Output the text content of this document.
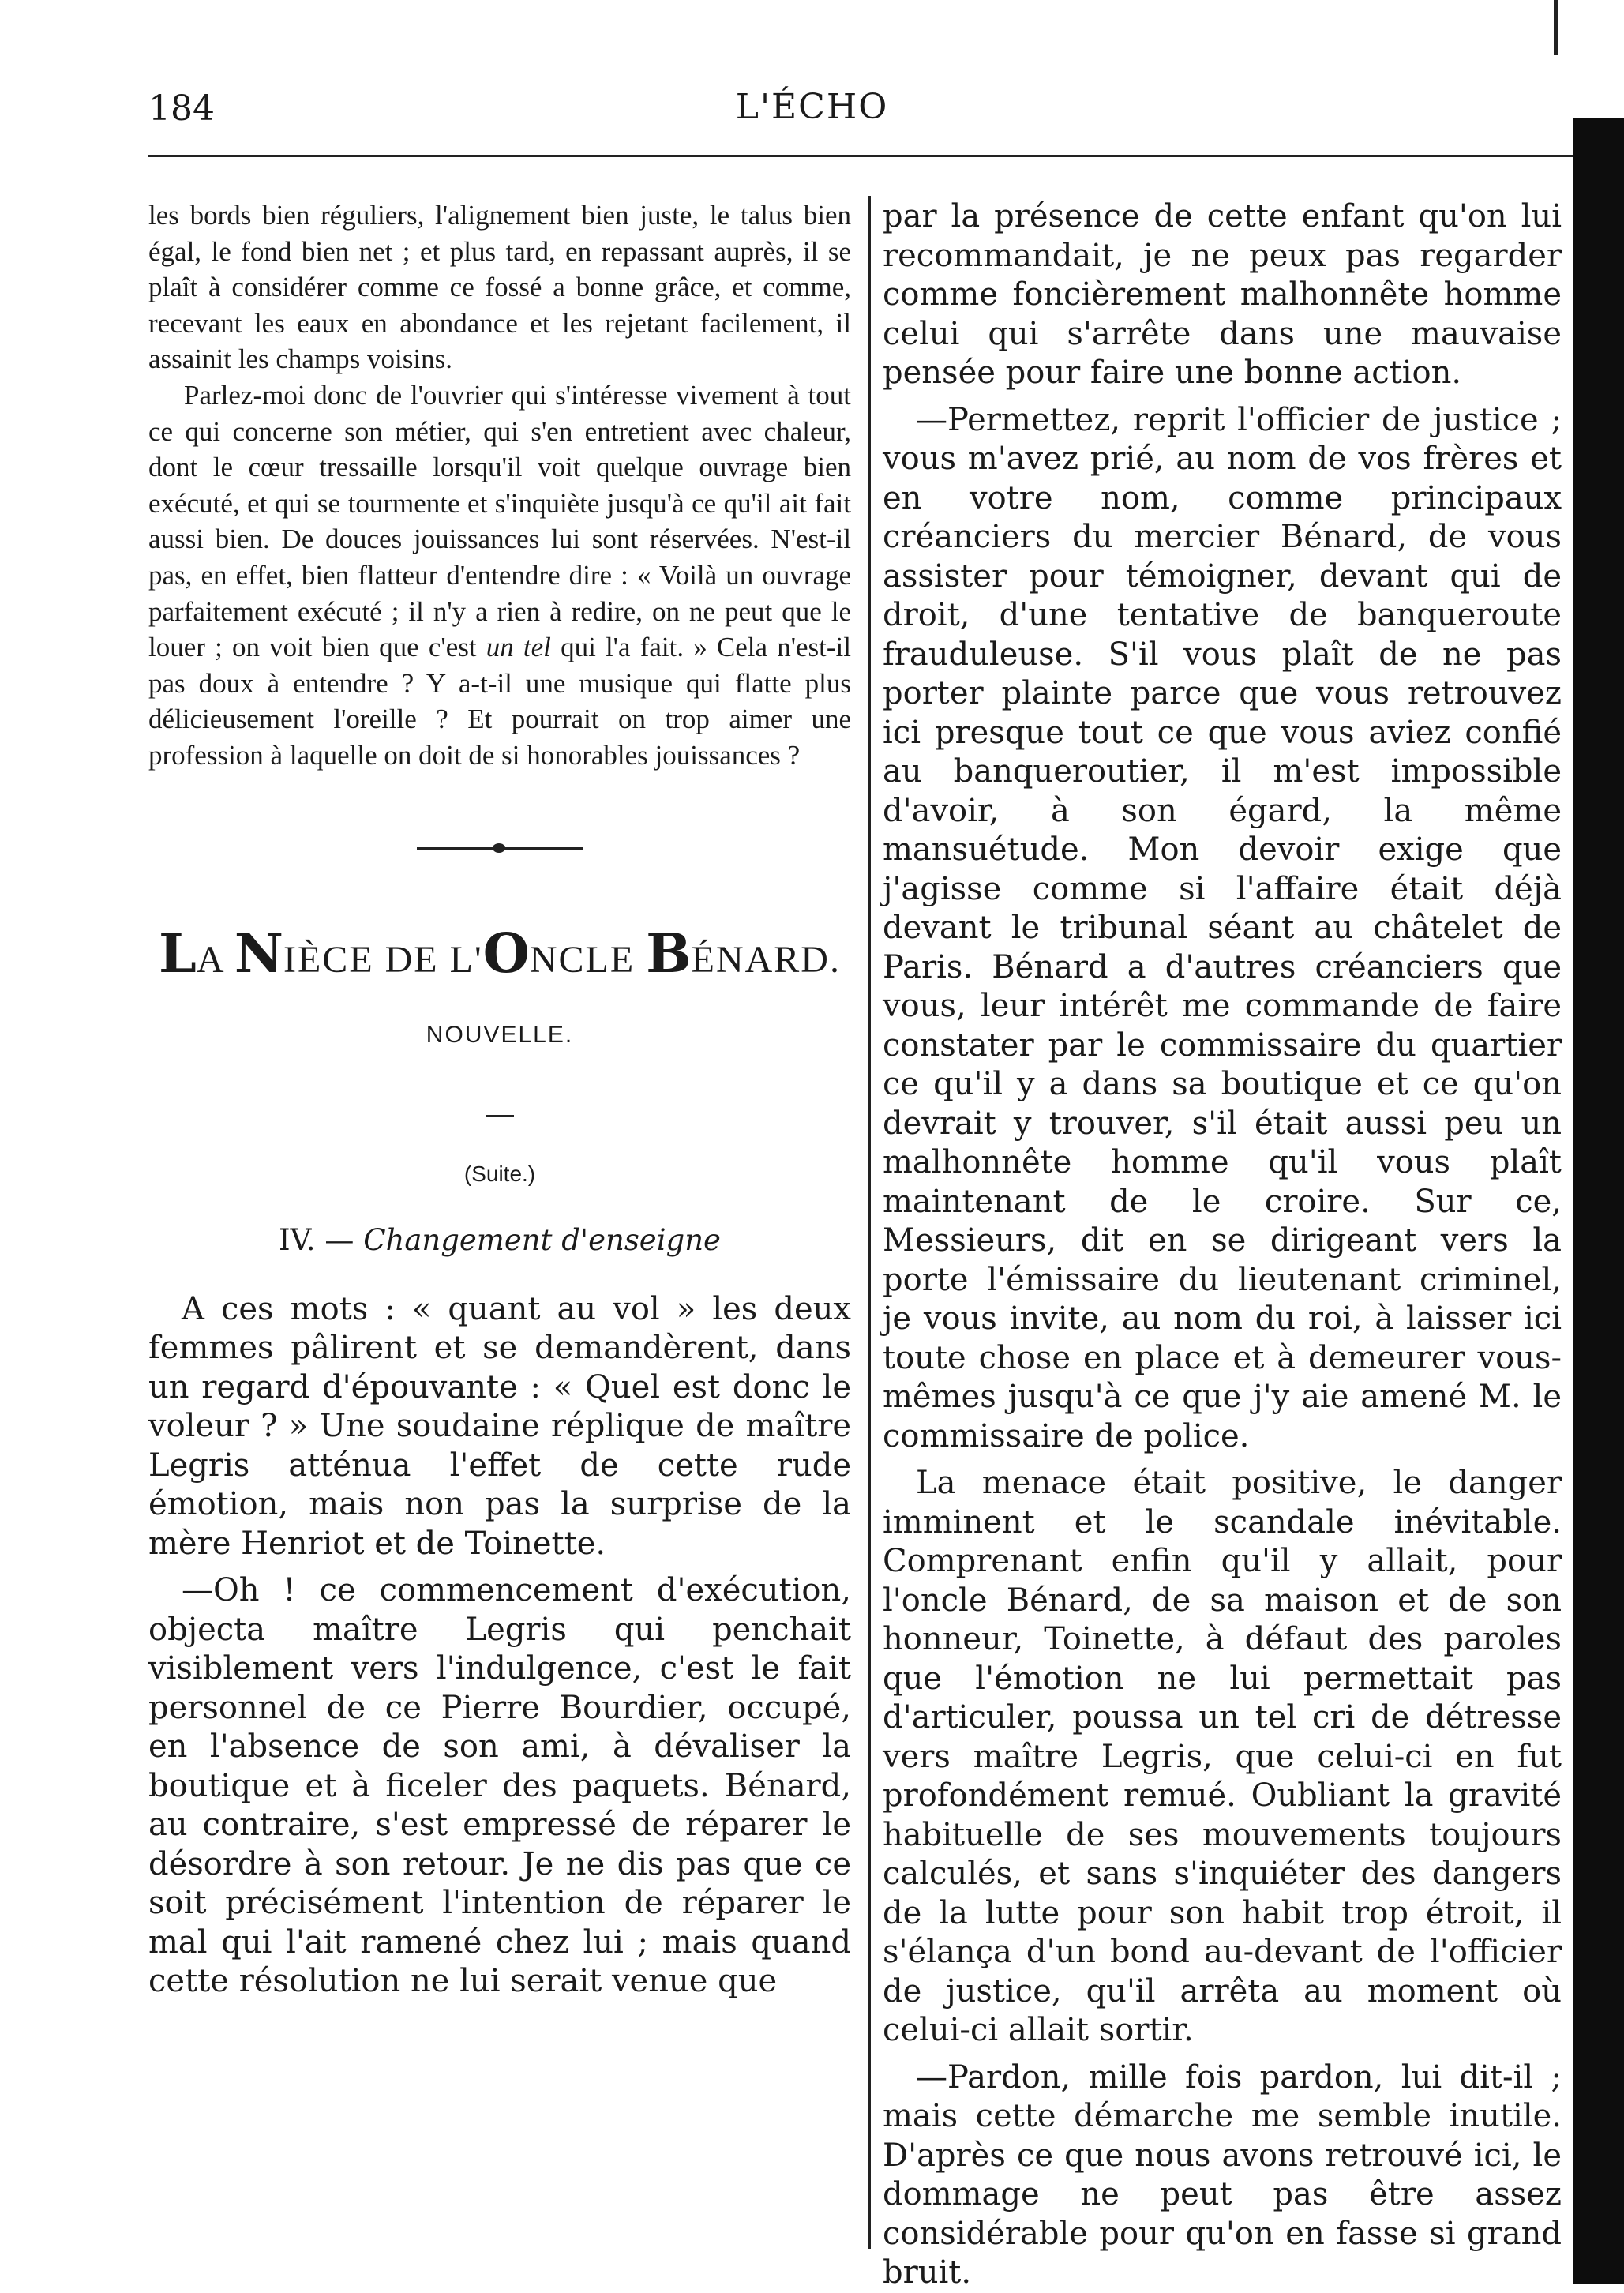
184	L'ÉCHO

les bords bien réguliers, l'alignement bien juste, le talus bien égal, le fond bien net ; et plus tard, en repassant auprès, il se plaît à considérer comme ce fossé a bonne grâce, et comme, recevant les eaux en abondance et les rejetant facilement, il assainit les champs voisins.

Parlez-moi donc de l'ouvrier qui s'intéresse vivement à tout ce qui concerne son métier, qui s'en entretient avec chaleur, dont le cœur tressaille lorsqu'il voit quelque ouvrage bien exécuté, et qui se tourmente et s'inquiète jusqu'à ce qu'il ait fait aussi bien. De douces jouissances lui sont réservées. N'est-il pas, en effet, bien flatteur d'entendre dire : « Voilà un ouvrage parfaitement exécuté ; il n'y a rien à redire, on ne peut que le louer ; on voit bien que c'est un tel qui l'a fait. » Cela n'est-il pas doux à entendre ? Y a-t-il une musique qui flatte plus délicieusement l'oreille ? Et pourrait on trop aimer une profession à laquelle on doit de si honorables jouissances ?

LA NIÈCE DE L'ONCLE BÉNARD.
NOUVELLE.
(Suite.)
IV. — Changement d'enseigne

A ces mots : « quant au vol » les deux femmes pâlirent et se demandèrent, dans un regard d'épouvante : « Quel est donc le voleur ? » Une soudaine réplique de maître Legris atténua l'effet de cette rude émotion, mais non pas la surprise de la mère Henriot et de Toinette.

—Oh ! ce commencement d'exécution, objecta maître Legris qui penchait visiblement vers l'indulgence, c'est le fait personnel de ce Pierre Bourdier, occupé, en l'absence de son ami, à dévaliser la boutique et à ficeler des paquets. Bénard, au contraire, s'est empressé de réparer le désordre à son retour. Je ne dis pas que ce soit précisément l'intention de réparer le mal qui l'ait ramené chez lui ; mais quand cette résolution ne lui serait venue que

par la présence de cette enfant qu'on lui recommandait, je ne peux pas regarder comme foncièrement malhonnête homme celui qui s'arrête dans une mauvaise pensée pour faire une bonne action.

—Permettez, reprit l'officier de justice ; vous m'avez prié, au nom de vos frères et en votre nom, comme principaux créanciers du mercier Bénard, de vous assister pour témoigner, devant qui de droit, d'une tentative de banqueroute frauduleuse. S'il vous plaît de ne pas porter plainte parce que vous retrouvez ici presque tout ce que vous aviez confié au banqueroutier, il m'est impossible d'avoir, à son égard, la même mansuétude. Mon devoir exige que j'agisse comme si l'affaire était déjà devant le tribunal séant au châtelet de Paris. Bénard a d'autres créanciers que vous, leur intérêt me commande de faire constater par le commissaire du quartier ce qu'il y a dans sa boutique et ce qu'on devrait y trouver, s'il était aussi peu un malhonnête homme qu'il vous plaît maintenant de le croire. Sur ce, Messieurs, dit en se dirigeant vers la porte l'émissaire du lieutenant criminel, je vous invite, au nom du roi, à laisser ici toute chose en place et à demeurer vous-mêmes jusqu'à ce que j'y aie amené M. le commissaire de police.

La menace était positive, le danger imminent et le scandale inévitable. Comprenant enfin qu'il y allait, pour l'oncle Bénard, de sa maison et de son honneur, Toinette, à défaut des paroles que l'émotion ne lui permettait pas d'articuler, poussa un tel cri de détresse vers maître Legris, que celui-ci en fut profondément remué. Oubliant la gravité habituelle de ses mouvements toujours calculés, et sans s'inquiéter des dangers de la lutte pour son habit trop étroit, il s'élança d'un bond au-devant de l'officier de justice, qu'il arrêta au moment où celui-ci allait sortir.

—Pardon, mille fois pardon, lui dit-il ; mais cette démarche me semble inutile. D'après ce que nous avons retrouvé ici, le dommage ne peut pas être assez considérable pour qu'on en fasse si grand bruit.
